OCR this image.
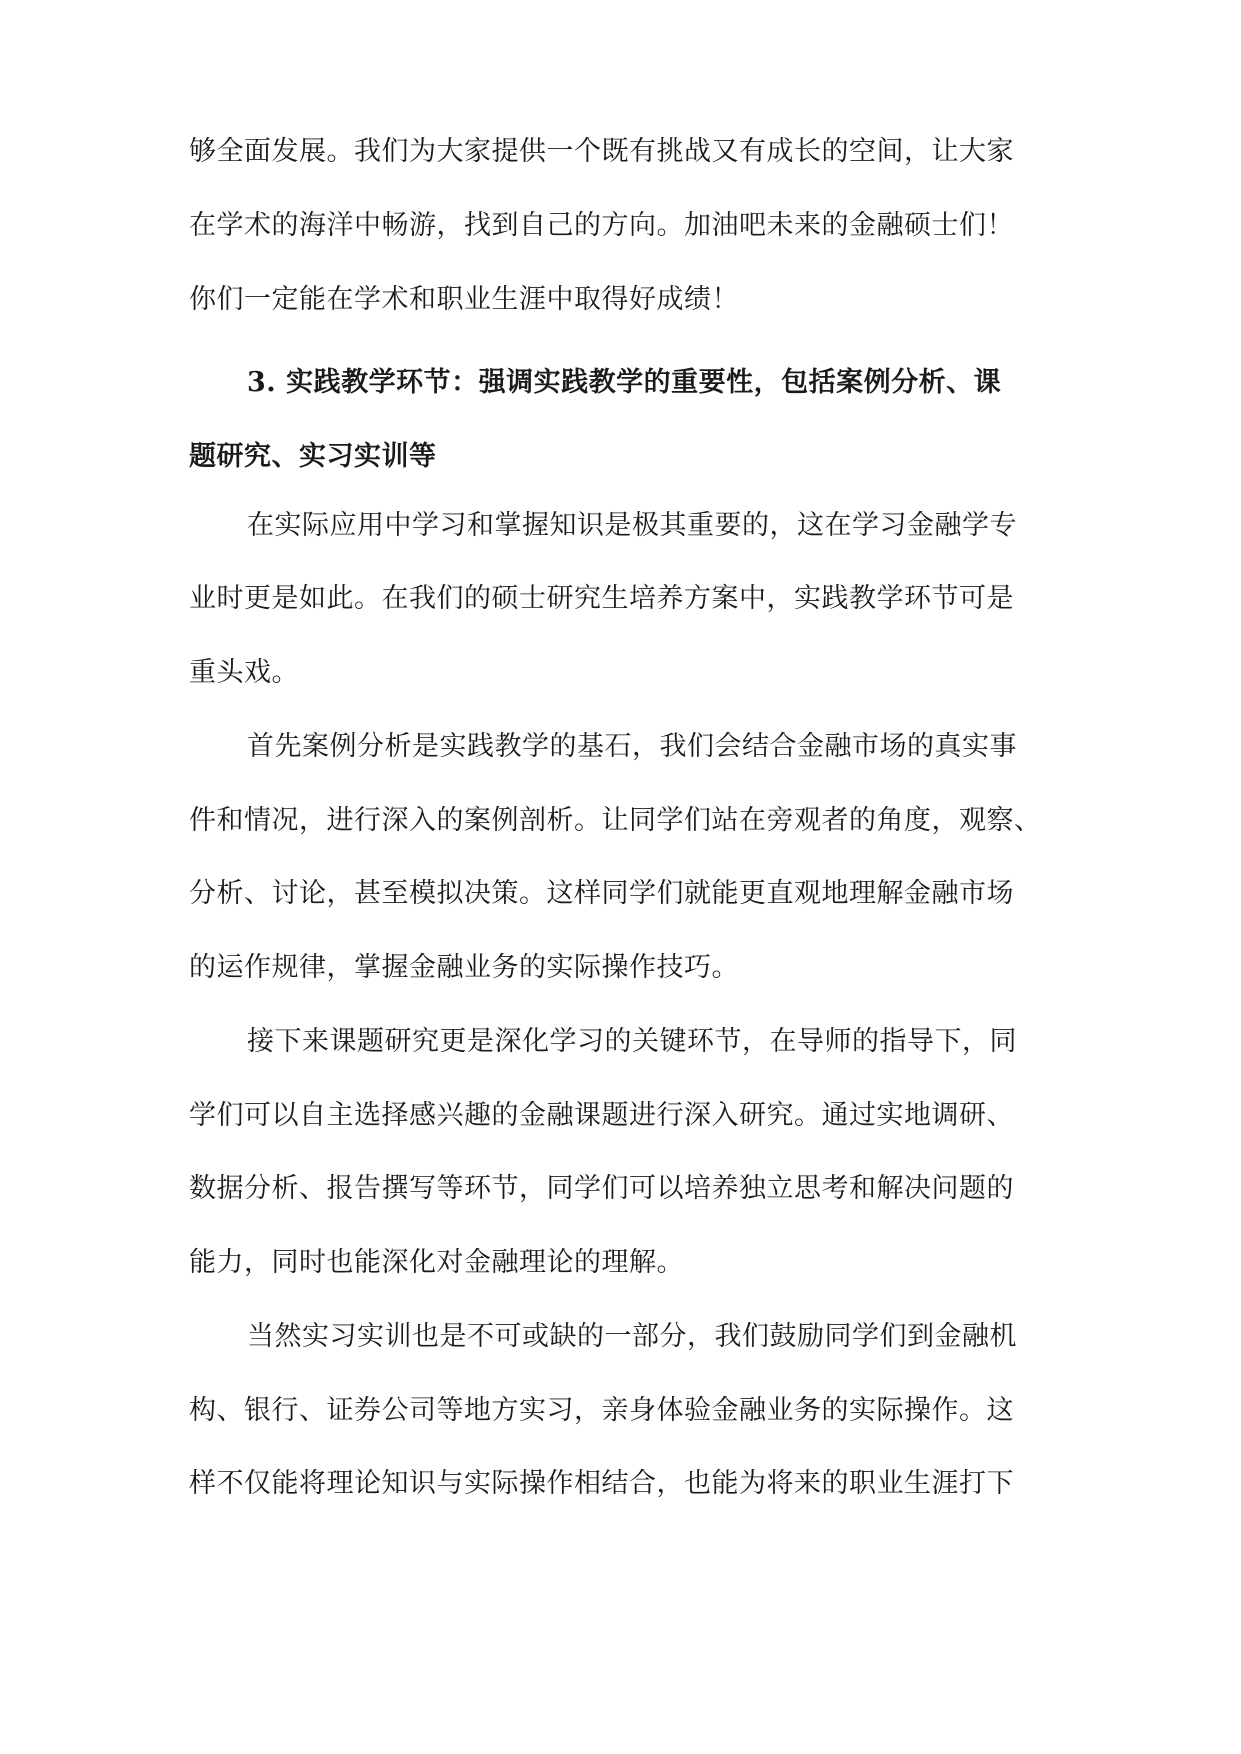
够全面发展。我们为大家提供一个既有挑战又有成长的空间，让大家

在学术的海洋中畅游，找到自己的方向。加油吧未来的金融硕士们！

你们一定能在学术和职业生涯中取得好成绩！

3. 实践教学环节：强调实践教学的重要性，包括案例分析、课

题研究、实习实训等

在实际应用中学习和掌握知识是极其重要的，这在学习金融学专

业时更是如此。在我们的硕士研究生培养方案中，实践教学环节可是

重头戏。

首先案例分析是实践教学的基石，我们会结合金融市场的真实事

件和情况，进行深入的案例剖析。让同学们站在旁观者的角度，观察、

分析、讨论，甚至模拟决策。这样同学们就能更直观地理解金融市场

的运作规律，掌握金融业务的实际操作技巧。

接下来课题研究更是深化学习的关键环节，在导师的指导下，同

学们可以自主选择感兴趣的金融课题进行深入研究。通过实地调研、

数据分析、报告撰写等环节，同学们可以培养独立思考和解决问题的

能力，同时也能深化对金融理论的理解。

当然实习实训也是不可或缺的一部分，我们鼓励同学们到金融机

构、银行、证券公司等地方实习，亲身体验金融业务的实际操作。这

样不仅能将理论知识与实际操作相结合，也能为将来的职业生涯打下
